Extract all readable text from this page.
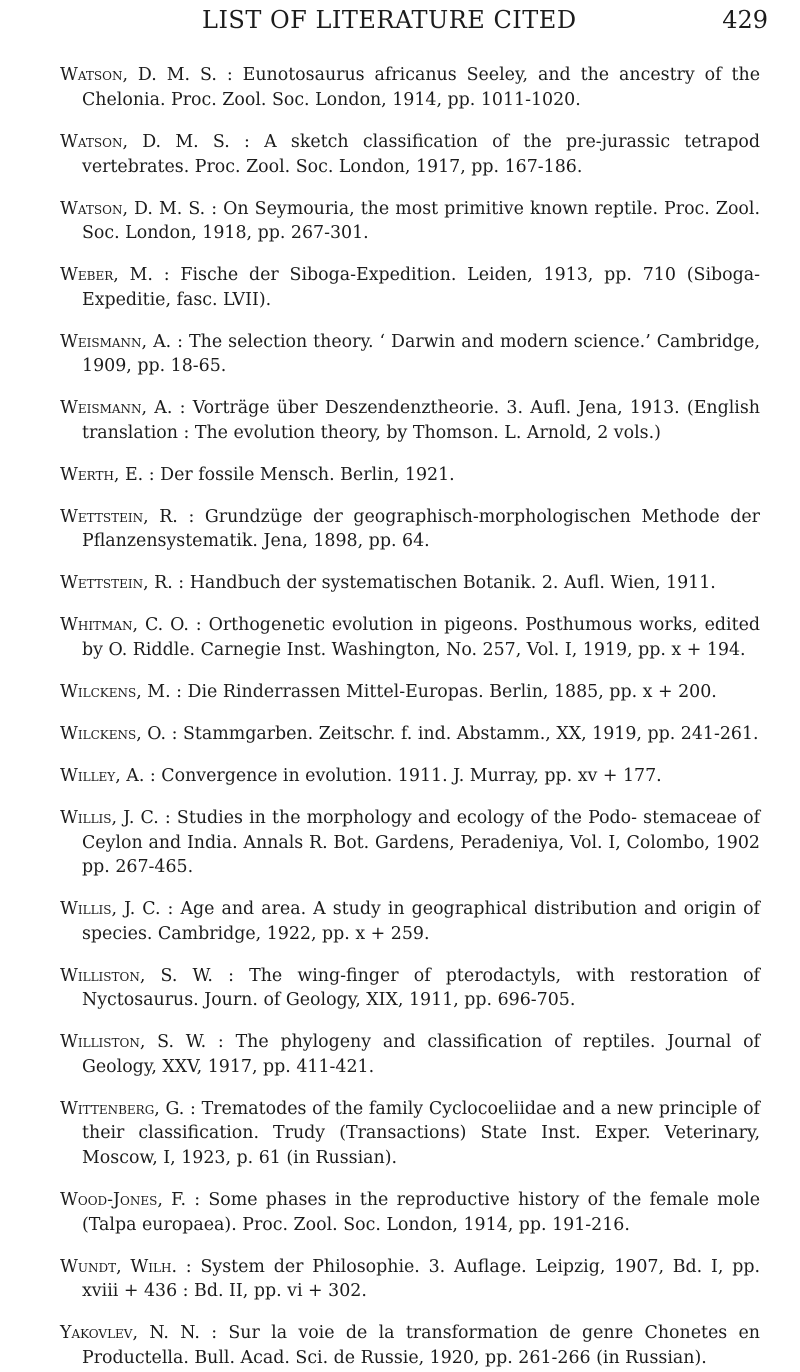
LIST OF LITERATURE CITED	429

Watson, D. M. S. : Eunotosaurus africanus Seeley, and the ancestry of the Chelonia. Proc. Zool. Soc. London, 1914, pp. 1011-1020.

Watson, D. M. S. : A sketch classification of the pre-jurassic tetrapod vertebrates. Proc. Zool. Soc. London, 1917, pp. 167-186.

Watson, D. M. S. : On Seymouria, the most primitive known reptile. Proc. Zool. Soc. London, 1918, pp. 267-301.

Weber, M. : Fische der Siboga-Expedition. Leiden, 1913, pp. 710 (Siboga-Expeditie, fasc. LVII).

Weismann, A. : The selection theory. ‘ Darwin and modern science.’ Cambridge, 1909, pp. 18-65.

Weismann, A. : Vorträge über Deszendenztheorie. 3. Aufl. Jena, 1913. (English translation : The evolution theory, by Thomson. L. Arnold, 2 vols.)

Werth, E. : Der fossile Mensch. Berlin, 1921.

Wettstein, R. : Grundzüge der geographisch-morphologischen Methode der Pflanzensystematik. Jena, 1898, pp. 64.

Wettstein, R. : Handbuch der systematischen Botanik. 2. Aufl. Wien, 1911.

Whitman, C. O. : Orthogenetic evolution in pigeons. Posthumous works, edited by O. Riddle. Carnegie Inst. Washington, No. 257, Vol. I, 1919, pp. x + 194.

Wilckens, M. : Die Rinderrassen Mittel-Europas. Berlin, 1885, pp. x + 200.

Wilckens, O. : Stammgarben. Zeitschr. f. ind. Abstamm., XX, 1919, pp. 241-261.

Willey, A. : Convergence in evolution. 1911. J. Murray, pp. xv + 177.

Willis, J. C. : Studies in the morphology and ecology of the Podo- stemaceae of Ceylon and India. Annals R. Bot. Gardens, Peradeniya, Vol. I, Colombo, 1902 pp. 267-465.

Willis, J. C. : Age and area. A study in geographical distribution and origin of species. Cambridge, 1922, pp. x + 259.

Williston, S. W. : The wing-finger of pterodactyls, with restoration of Nyctosaurus. Journ. of Geology, XIX, 1911, pp. 696-705.

Williston, S. W. : The phylogeny and classification of reptiles. Journal of Geology, XXV, 1917, pp. 411-421.

Wittenberg, G. : Trematodes of the family Cyclocoeliidae and a new principle of their classification. Trudy (Transactions) State Inst. Exper. Veterinary, Moscow, I, 1923, p. 61 (in Russian).

Wood-Jones, F. : Some phases in the reproductive history of the female mole (Talpa europaea). Proc. Zool. Soc. London, 1914, pp. 191-216.

Wundt, Wilh. : System der Philosophie. 3. Auflage. Leipzig, 1907, Bd. I, pp. xviii + 436 : Bd. II, pp. vi + 302.

Yakovlev, N. N. : Sur la voie de la transformation de genre Chonetes en Productella. Bull. Acad. Sci. de Russie, 1920, pp. 261-266 (in Russian).
